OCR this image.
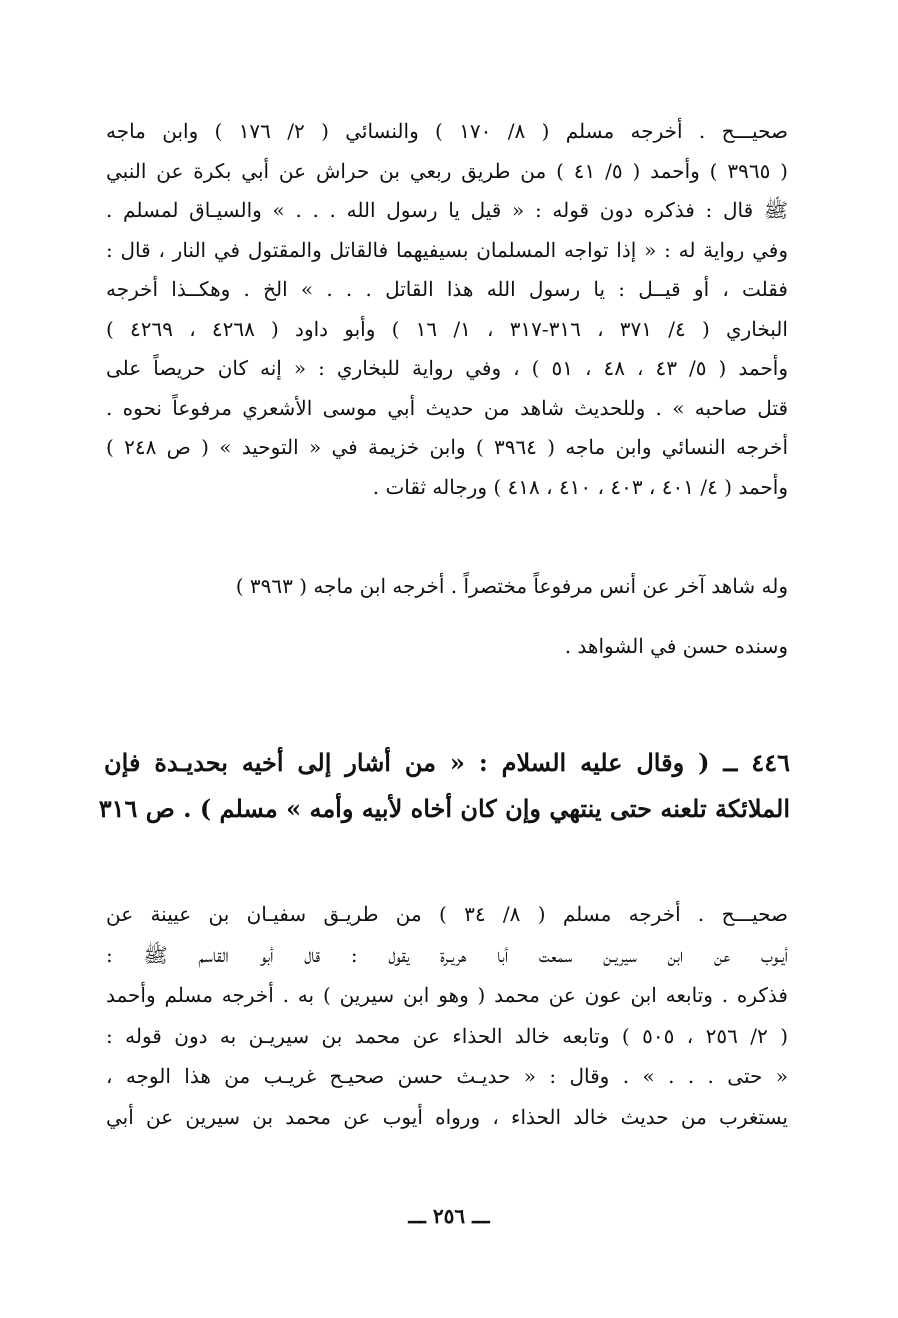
صحيـــح . أخرجه مسلم ( ٨/ ١٧٠ ) والنسائي ( ٢/ ١٧٦ ) وابن ماجه
( ٣٩٦٥ ) وأحمد ( ٥/ ٤١ ) من طريق ربعي بن حراش عن أبي بكرة عن النبي
ﷺ قال : فذكره دون قوله : « قيل يا رسول الله . . . » والسيـاق لمسلم .
وفي رواية له : « إذا تواجه المسلمان بسيفيهما فالقاتل والمقتول في النار ، قال :
فقلت ، أو قيــل : يا رسول الله هذا القاتل . . . » الخ . وهكــذا أخرجه
البخاري ( ٤/ ٣٧١ ، ٣١٦-٣١٧ ، ١/ ١٦ ) وأبو داود ( ٤٢٦٨ ، ٤٢٦٩ )
وأحمد ( ٥/ ٤٣ ، ٤٨ ، ٥١ ) ، وفي رواية للبخاري : « إنه كان حريصاً على
قتل صاحبه » . وللحديث شاهد من حديث أبي موسى الأشعري مرفوعاً نحوه .
أخرجه النسائي وابن ماجه ( ٣٩٦٤ ) وابن خزيمة في « التوحيد » ( ص ٢٤٨ )
وأحمد ( ٤/ ٤٠١ ، ٤٠٣ ، ٤١٠ ، ٤١٨ ) ورجاله ثقات .
وله شاهد آخر عن أنس مرفوعاً مختصراً . أخرجه ابن ماجه ( ٣٩٦٣ )
وسنده حسن في الشواهد .
٤٤٦ ــ ( وقال عليه السلام : « من أشار إلى أخيه بحديـدة فإن
الملائكة تلعنه حتى ينتهي وإن كان أخاه لأبيه وأمه » مسلم ) . ص ٣١٦
صحيـــح . أخرجه مسلم ( ٨/ ٣٤ ) من طريـق سفيـان بن عيينة عن
أيـوب عن ابن سيريـن سمعت أبا هريـرة يقول : قال أبو القاسم ﷺ :
فذكره . وتابعه ابن عون عن محمد ( وهو ابن سيرين ) به . أخرجه مسلم وأحمد
( ٢/ ٢٥٦ ، ٥٠٥ ) وتابعه خالد الحذاء عن محمد بن سيريـن به دون قوله :
« حتى . . . » . وقال : « حديـث حسن صحيـح غريـب من هذا الوجه ،
يستغرب من حديث خالد الحذاء ، ورواه أيوب عن محمد بن سيرين عن أبي
ـــ ٢٥٦ ـــ
